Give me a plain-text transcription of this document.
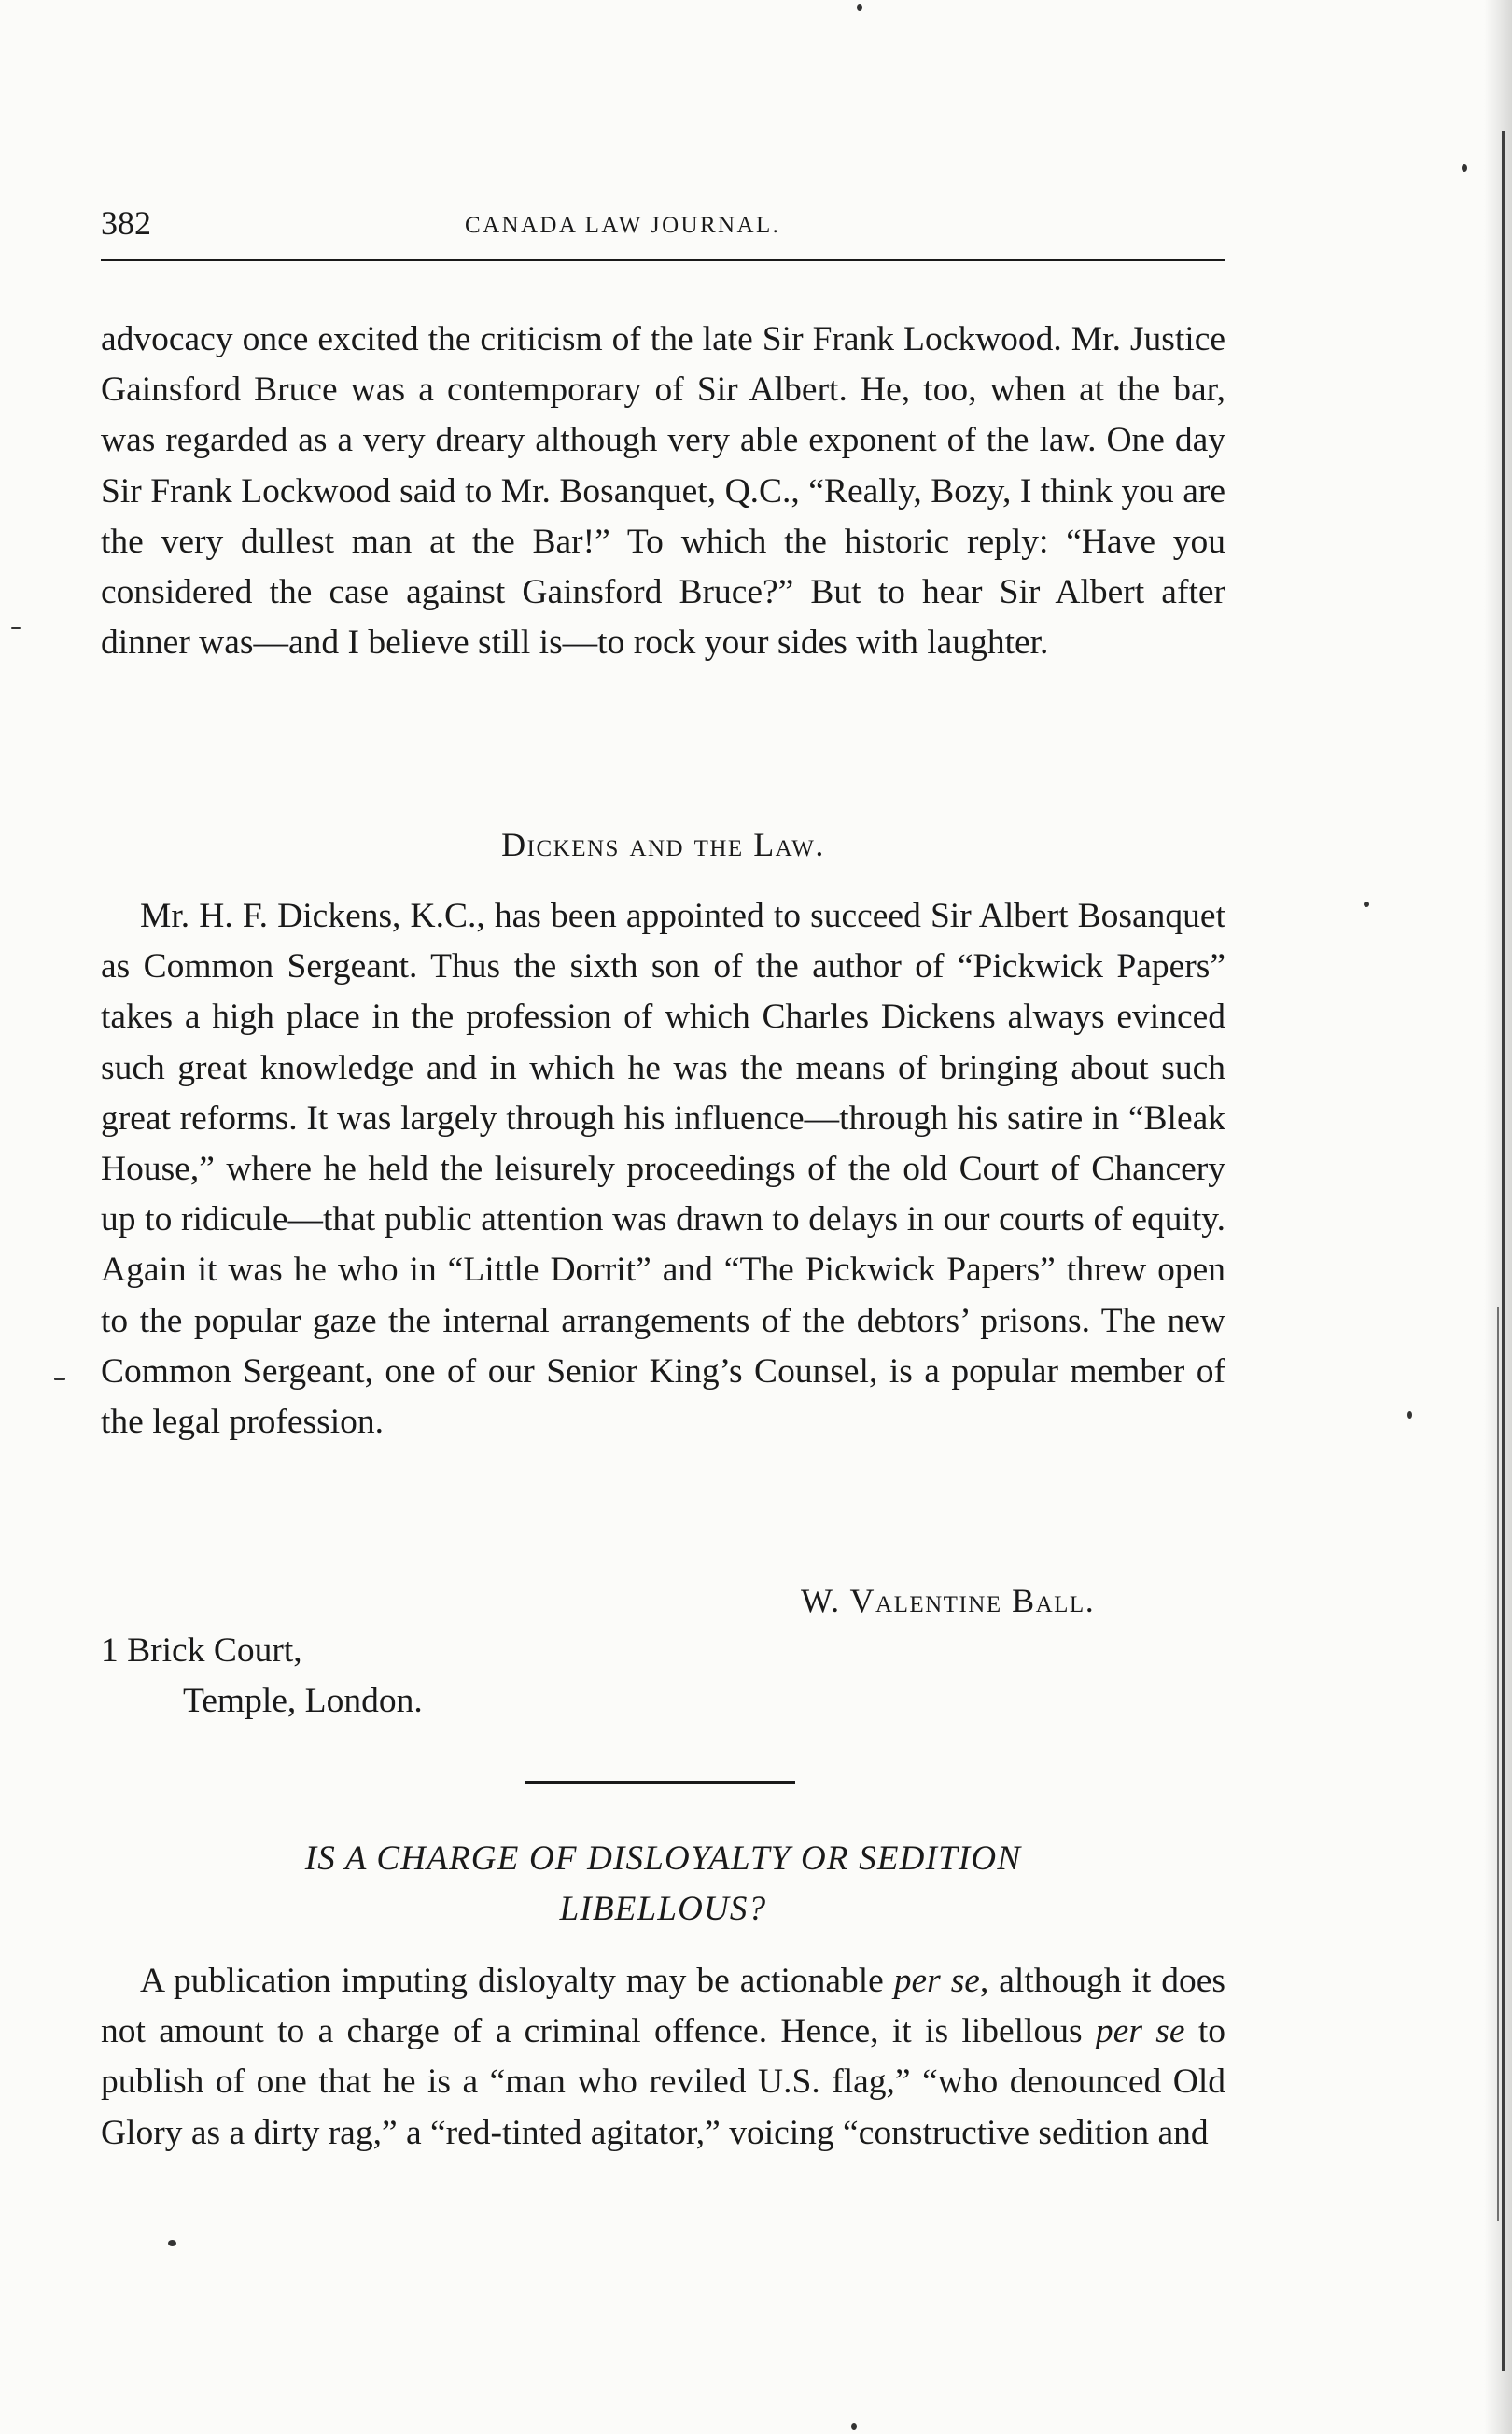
382	CANADA LAW JOURNAL.

advocacy once excited the criticism of the late Sir Frank Lockwood. Mr. Justice Gainsford Bruce was a contemporary of Sir Albert. He, too, when at the bar, was regarded as a very dreary although very able exponent of the law. One day Sir Frank Lockwood said to Mr. Bosanquet, Q.C., “Really, Bozy, I think you are the very dullest man at the Bar!” To which the historic reply: “Have you considered the case against Gainsford Bruce?” But to hear Sir Albert after dinner was—and I believe still is—to rock your sides with laughter.

Dickens and the Law.

Mr. H. F. Dickens, K.C., has been appointed to succeed Sir Albert Bosanquet as Common Sergeant. Thus the sixth son of the author of “Pickwick Papers” takes a high place in the profession of which Charles Dickens always evinced such great knowledge and in which he was the means of bringing about such great reforms. It was largely through his influence—through his satire in “Bleak House,” where he held the leisurely proceedings of the old Court of Chancery up to ridicule—that public attention was drawn to delays in our courts of equity. Again it was he who in “Little Dorrit” and “The Pickwick Papers” threw open to the popular gaze the internal arrangements of the debtors’ prisons. The new Common Sergeant, one of our Senior King’s Counsel, is a popular member of the legal profession.

W. Valentine Ball.
1 Brick Court,
Temple, London.
IS A CHARGE OF DISLOYALTY OR SEDITION
LIBELLOUS?

A publication imputing disloyalty may be actionable per se, although it does not amount to a charge of a criminal offence. Hence, it is libellous per se to publish of one that he is a “man who reviled U.S. flag,” “who denounced Old Glory as a dirty rag,” a “red-tinted agitator,” voicing “constructive sedition and
